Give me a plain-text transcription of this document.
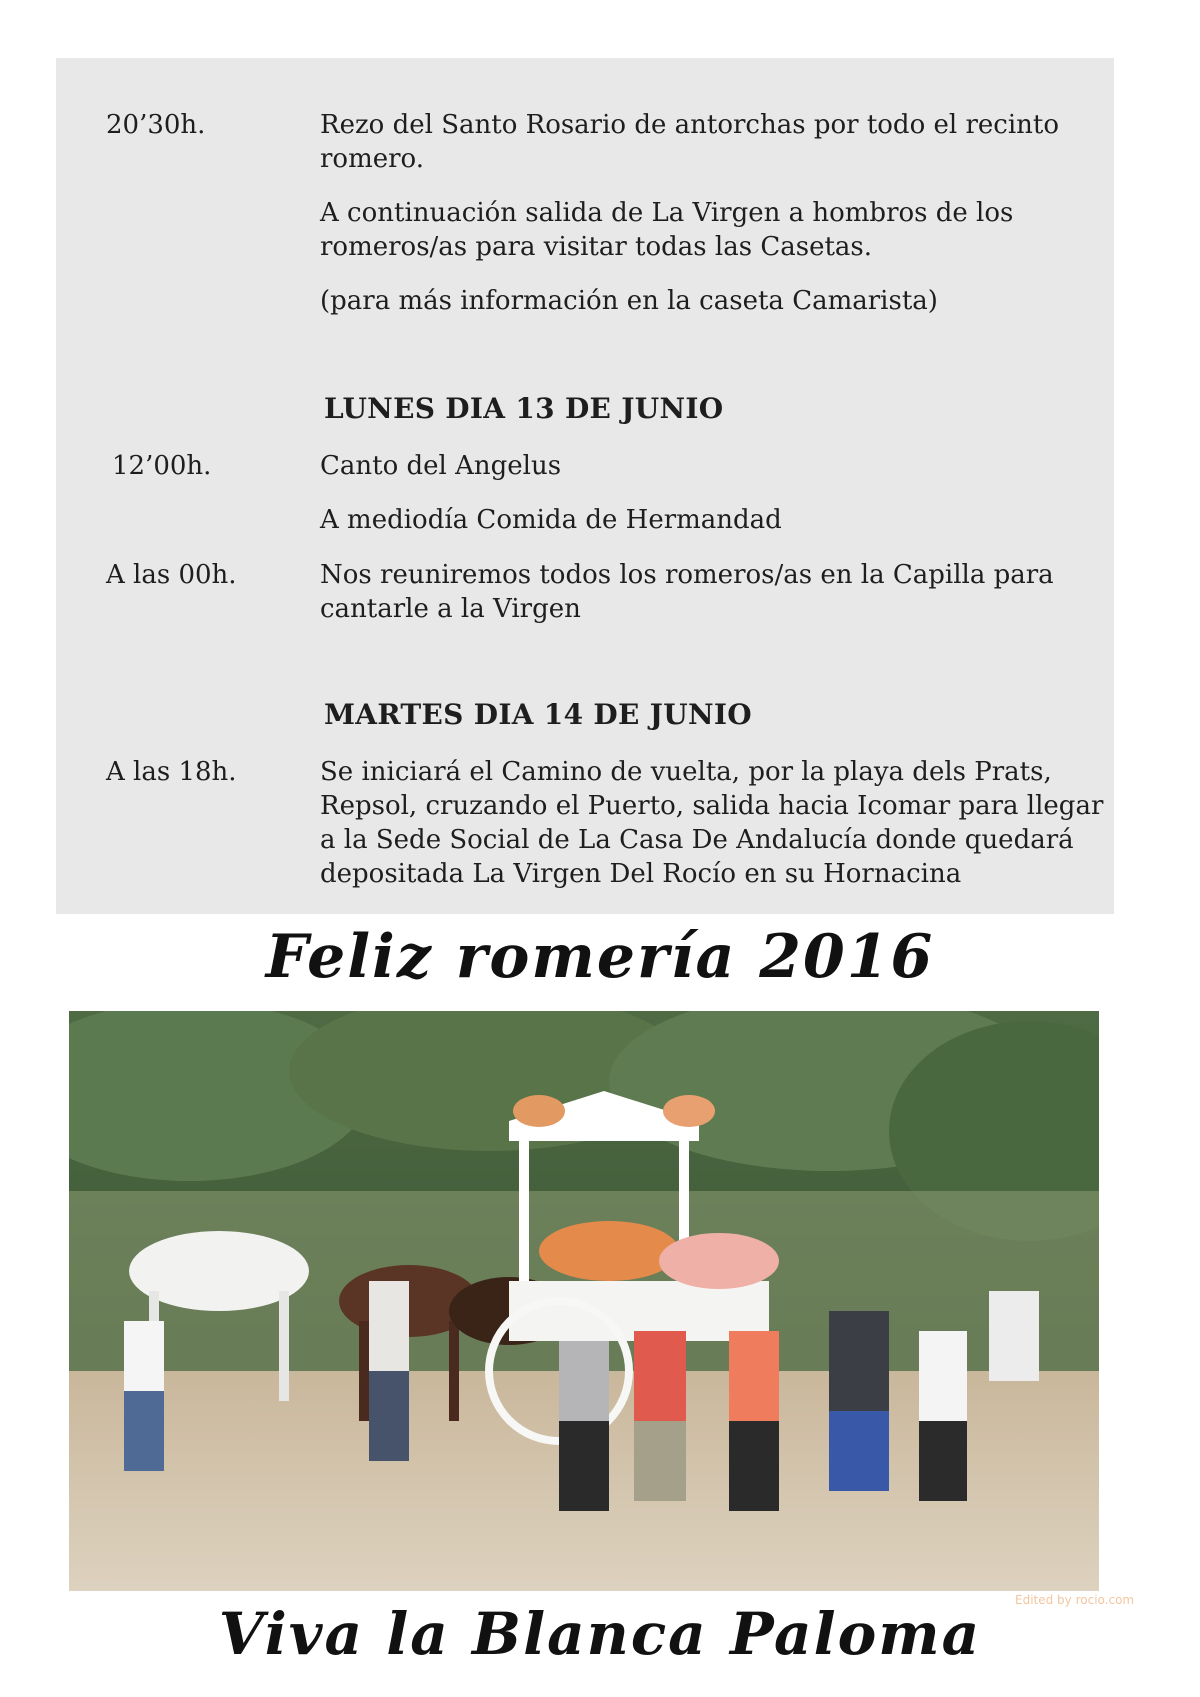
20’30h.	Rezo del Santo Rosario de antorchas por todo el recinto romero.
A continuación salida de La Virgen a hombros de los romeros/as para visitar todas las Casetas.
(para más información en la caseta Camarista)
LUNES DIA 13 DE JUNIO
12’00h.	Canto del Angelus
A mediodía Comida de Hermandad
A las 00h.	Nos reuniremos todos los romeros/as en la Capilla para cantarle a la Virgen
MARTES DIA 14 DE JUNIO
A las 18h.	Se iniciará el Camino de vuelta, por la playa dels Prats, Repsol, cruzando el Puerto, salida hacia Icomar para llegar a la Sede Social de La Casa De Andalucía donde quedará depositada La Virgen Del Rocío en su Hornacina
Feliz romería 2016
Edited by rocio.com
Viva la Blanca Paloma
